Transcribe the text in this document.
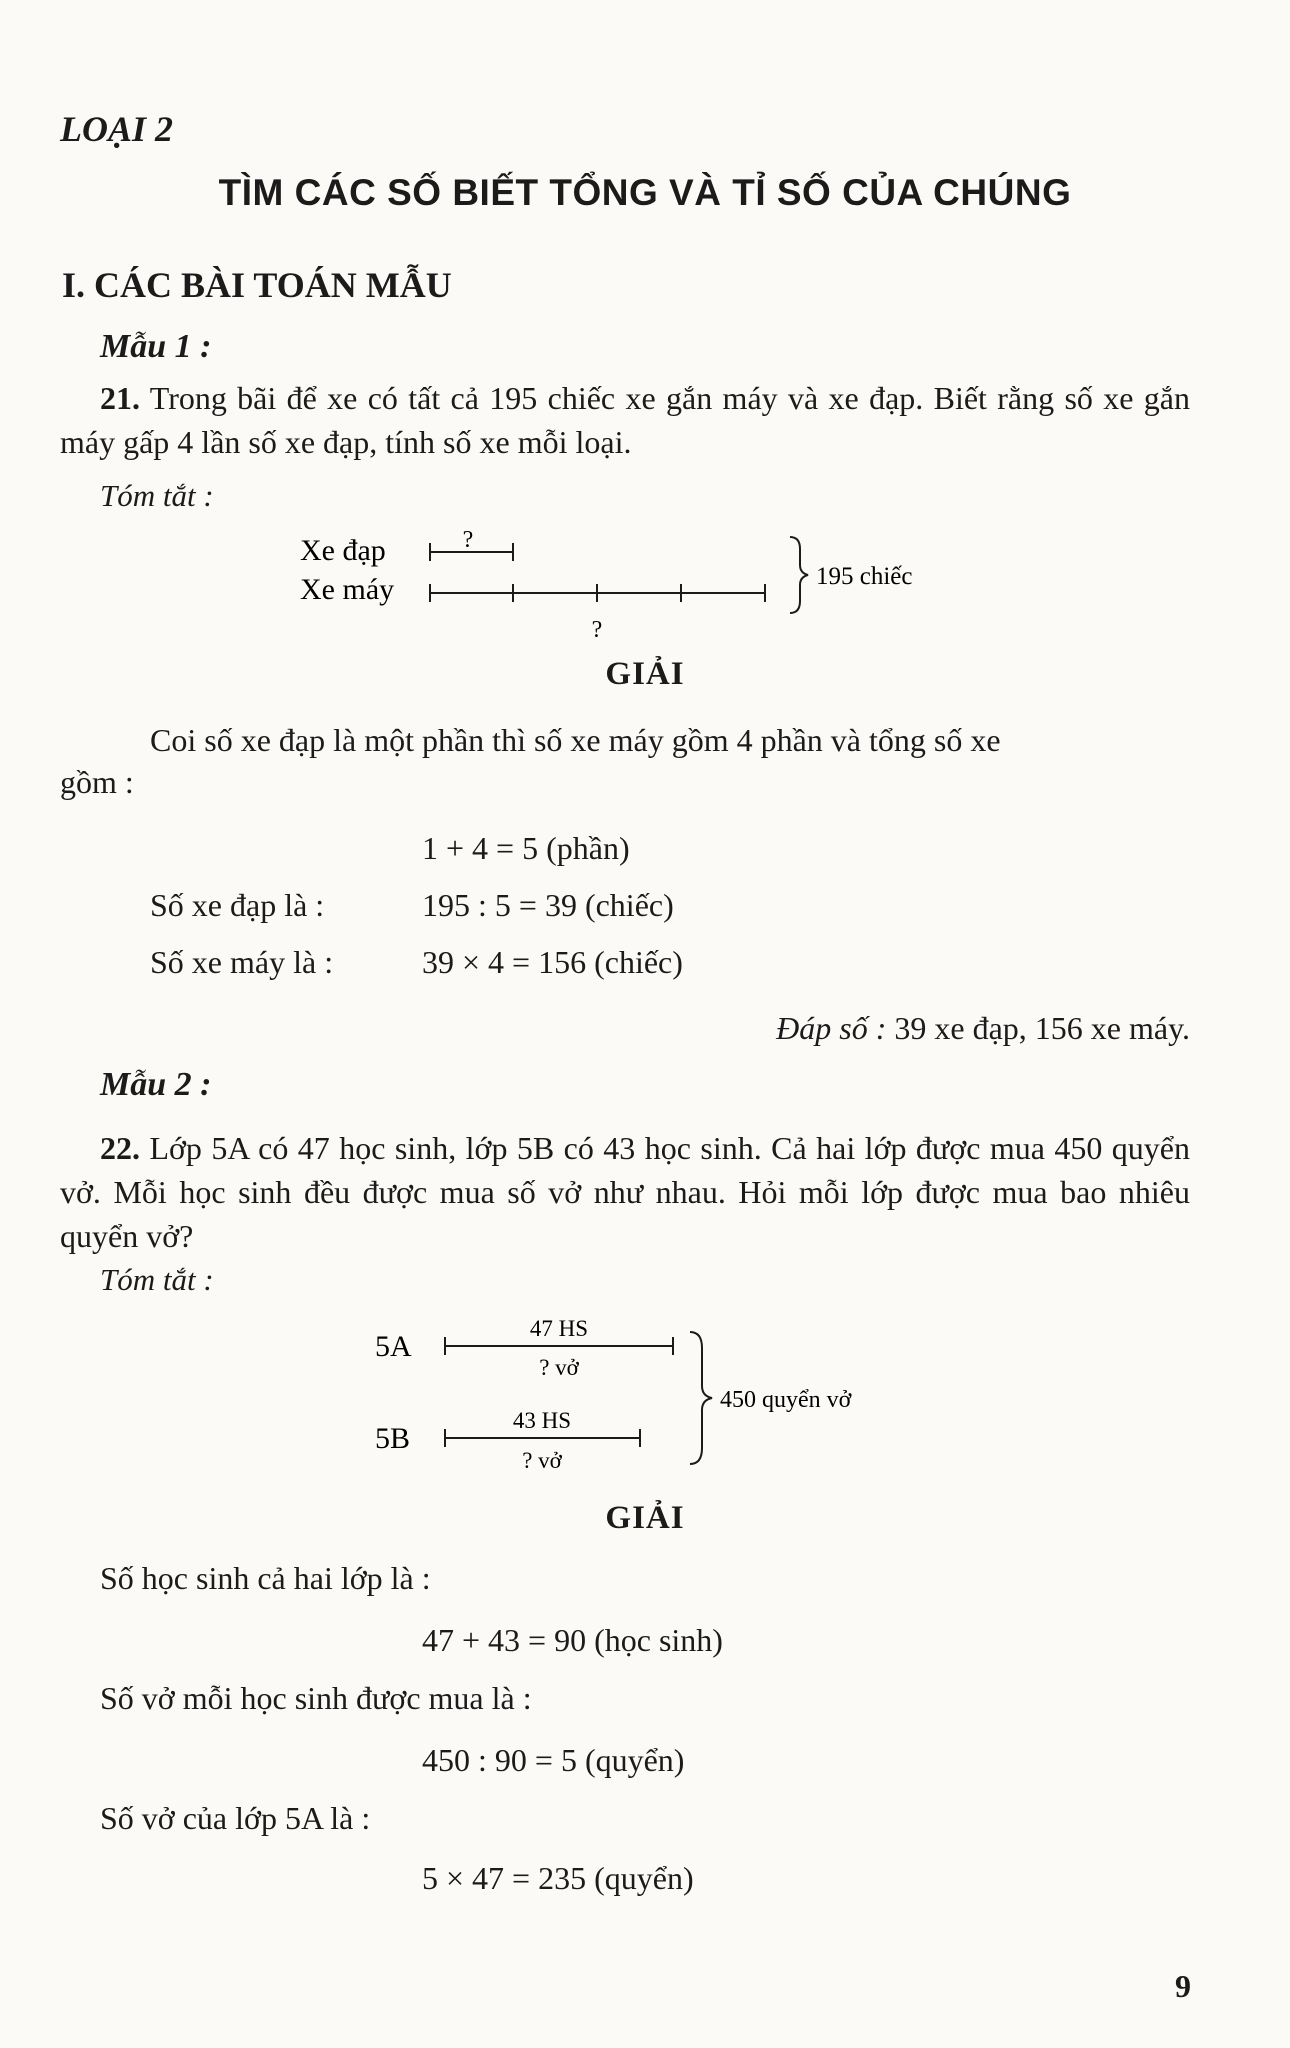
LOẠI 2
TÌM CÁC SỐ BIẾT TỔNG VÀ TỈ SỐ CỦA CHÚNG
I. CÁC BÀI TOÁN MẪU
Mẫu 1 :
21. Trong bãi để xe có tất cả 195 chiếc xe gắn máy và xe đạp. Biết rằng số xe gắn máy gấp 4 lần số xe đạp, tính số xe mỗi loại.
Tóm tắt :
Xe đạp
Xe máy
?
?
195 chiếc
GIẢI
Coi số xe đạp là một phần thì số xe máy gồm 4 phần và tổng số xe
gồm :
1 + 4 = 5 (phần)
Số xe đạp là :	195 : 5 = 39 (chiếc)
Số xe máy là :	39 × 4 = 156 (chiếc)
Đáp số : 39 xe đạp, 156 xe máy.
Mẫu 2 :
22. Lớp 5A có 47 học sinh, lớp 5B có 43 học sinh. Cả hai lớp được mua 450 quyển vở. Mỗi học sinh đều được mua số vở như nhau. Hỏi mỗi lớp được mua bao nhiêu quyển vở?
Tóm tắt :
5A
47 HS
? vở
5B
43 HS
? vở
450 quyển vở
GIẢI
Số học sinh cả hai lớp là :
47 + 43 = 90 (học sinh)
Số vở mỗi học sinh được mua là :
450 : 90 = 5 (quyển)
Số vở của lớp 5A là :
5 × 47 = 235 (quyển)
9
